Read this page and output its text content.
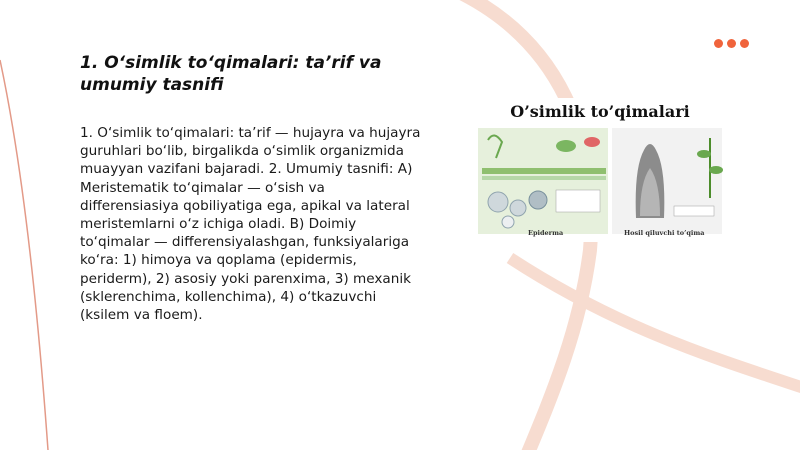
1. O‘simlik to‘qimalari: ta’rif va umumiy tasnifi

1. O‘simlik to‘qimalari: ta’rif — hujayra va hujayra guruhlari bo‘lib, birgalikda o‘simlik organizmida muayyan vazifani bajaradi. 2. Umumiy tasnifi: A) Meristematik to‘qimalar — o‘sish va differensiasiya qobiliyatiga ega, apikal va lateral meristemlarni o‘z ichiga oladi. B) Doimiy to‘qimalar — differensiyalashgan, funksiyalariga ko‘ra: 1) himoya va qoplama (epidermis, periderm), 2) asosiy yoki parenxima, 3) mexanik (sklerenchima, kollenchima), 4) o‘tkazuvchi (ksilem va floem).

O’simlik to’qimalari
Epiderma	Hosil qiluvchi to’qima
